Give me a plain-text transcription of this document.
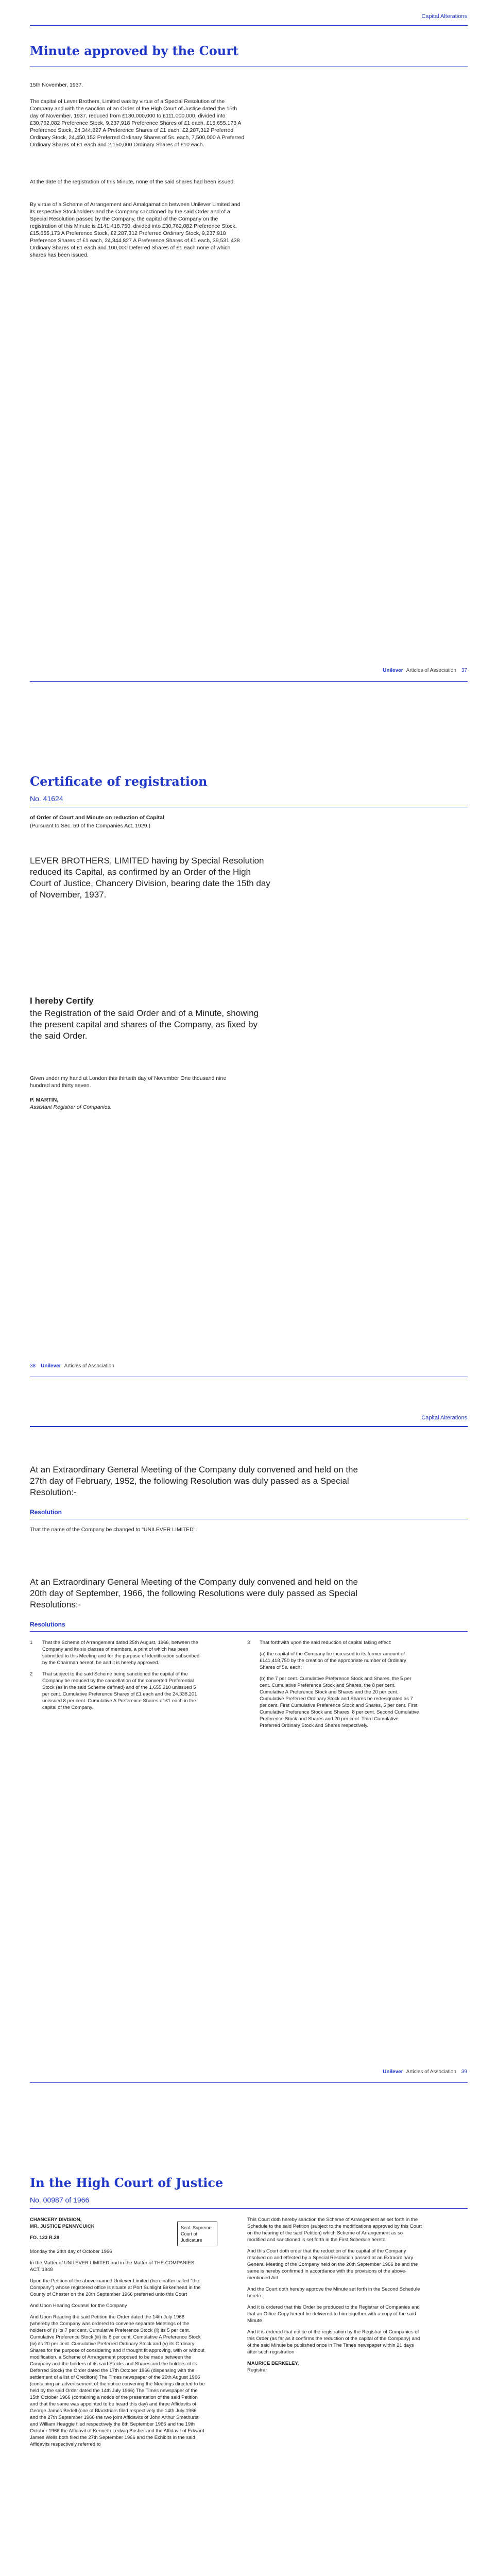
Capital Alterations
Minute approved by the Court
15th November, 1937.
The capital of Lever Brothers, Limited was by virtue of a Special Resolution of the Company and with the sanction of an Order of the High Court of Justice dated the 15th day of November, 1937, reduced from £130,000,000 to £111,000,000, divided into £30,762,082 Preference Stock, 9,237,918 Preference Shares of £1 each, £15,655,173 A Preference Stock, 24,344,827 A Preference Shares of £1 each, £2,287,312 Preferred Ordinary Stock, 24,450,152 Preferred Ordinary Shares of 5s. each, 7,500,000 A Preferred Ordinary Shares of £1 each and 2,150,000 Ordinary Shares of £10 each.
At the date of the registration of this Minute, none of the said shares had been issued.
By virtue of a Scheme of Arrangement and Amalgamation between Unilever Limited and its respective Stockholders and the Company sanctioned by the said Order and of a Special Resolution passed by the Company, the capital of the Company on the registration of this Minute is £141,418,750, divided into £30,762,082 Preference Stock, £15,655,173 A Preference Stock, £2,287,312 Preferred Ordinary Stock, 9,237,918 Preference Shares of £1 each, 24,344,827 A Preference Shares of £1 each, 39,531,438 Ordinary Shares of £1 each and 100,000 Deferred Shares of £1 each none of which shares has been issued.
Unilever Articles of Association 37
Certificate of registration
No. 41624
of Order of Court and Minute on reduction of Capital
(Pursuant to Sec. 59 of the Companies Act, 1929.)
LEVER BROTHERS, LIMITED having by Special Resolution reduced its Capital, as confirmed by an Order of the High Court of Justice, Chancery Division, bearing date the 15th day of November, 1937.
I hereby Certify
the Registration of the said Order and of a Minute, showing the present capital and shares of the Company, as fixed by the said Order.
Given under my hand at London this thirtieth day of November One thousand nine hundred and thirty seven.
P. MARTIN,
Assistant Registrar of Companies.
38 Unilever Articles of Association
Capital Alterations
At an Extraordinary General Meeting of the Company duly convened and held on the 27th day of February, 1952, the following Resolution was duly passed as a Special Resolution:-
Resolution
That the name of the Company be changed to "UNILEVER LIMITED".
At an Extraordinary General Meeting of the Company duly convened and held on the 20th day of September, 1966, the following Resolutions were duly passed as Special Resolutions:-
Resolutions

1 That the Scheme of Arrangement dated 25th August, 1966, between the Company and its six classes of members, a print of which has been submitted to this Meeting and for the purpose of identification subscribed by the Chairman hereof, be and it is hereby approved.

2 That subject to the said Scheme being sanctioned the capital of the Company be reduced by the cancellation of the converted Preferential Stock (as in the said Scheme defined) and of the 1,655,210 unissued 5 per cent. Cumulative Preference Shares of £1 each and the 24,338,201 unissued 8 per cent. Cumulative A Preference Shares of £1 each in the capital of the Company.

3 That forthwith upon the said reduction of capital taking effect:

(a) the capital of the Company be increased to its former amount of £141,418,750 by the creation of the appropriate number of Ordinary Shares of 5s. each;

(b) the 7 per cent. Cumulative Preference Stock and Shares, the 5 per cent. Cumulative Preference Stock and Shares, the 8 per cent. Cumulative A Preference Stock and Shares and the 20 per cent. Cumulative Preferred Ordinary Stock and Shares be redesignated as 7 per cent. First Cumulative Preference Stock and Shares, 5 per cent. First Cumulative Preference Stock and Shares, 8 per cent. Second Cumulative Preference Stock and Shares and 20 per cent. Third Cumulative Preferred Ordinary Stock and Shares respectively.

Unilever Articles of Association 39
In the High Court of Justice
No. 00987 of 1966

CHANCERY DIVISION,

MR. JUSTICE PENNYCUICK

FO. 123 R.28

Monday the 24th day of October 1966

In the Matter of UNILEVER LIMITED and in the Matter of THE COMPANIES ACT, 1948

Upon the Petition of the above-named Unilever Limited (hereinafter called "the Company") whose registered office is situate at Port Sunlight Birkenhead in the County of Chester on the 20th September 1966 preferred unto this Court

And Upon Hearing Counsel for the Company

And Upon Reading the said Petition the Order dated the 14th July 1966 (whereby the Company was ordered to convene separate Meetings of the holders of (i) its 7 per cent. Cumulative Preference Stock (ii) its 5 per cent. Cumulative Preference Stock (iii) its 8 per cent. Cumulative A Preference Stock (iv) its 20 per cent. Cumulative Preferred Ordinary Stock and (v) its Ordinary Shares for the purpose of considering and if thought fit approving, with or without modification, a Scheme of Arrangement proposed to be made between the Company and the holders of its said Stocks and Shares and the holders of its Deferred Stock) the Order dated the 17th October 1966 (dispensing with the settlement of a list of Creditors) The Times newspaper of the 26th August 1966 (containing an advertisement of the notice convening the Meetings directed to be held by the said Order dated the 14th July 1966) The Times newspaper of the 15th October 1966 (containing a notice of the presentation of the said Petition and that the same was appointed to be heard this day) and three Affidavits of George James Bedell (one of Blackfriars filed respectively the 14th July 1966 and the 27th September 1966 the two joint Affidavits of John Arthur Smethurst and William Heaggie filed respectively the 8th September 1966 and the 19th October 1966 the Affidavit of Kenneth Ledwig Bosher and the Affidavit of Edward James Wells both filed the 27th September 1966 and the Exhibits in the said Affidavits respectively referred to

Seal: Supreme Court of Judicature

This Court doth hereby sanction the Scheme of Arrangement as set forth in the Schedule to the said Petition (subject to the modifications approved by this Court on the hearing of the said Petition) which Scheme of Arrangement as so modified and sanctioned is set forth in the First Schedule hereto

And this Court doth order that the reduction of the capital of the Company resolved on and effected by a Special Resolution passed at an Extraordinary General Meeting of the Company held on the 20th September 1966 be and the same is hereby confirmed in accordance with the provisions of the above-mentioned Act

And the Court doth hereby approve the Minute set forth in the Second Schedule hereto

And it is ordered that this Order be produced to the Registrar of Companies and that an Office Copy hereof be delivered to him together with a copy of the said Minute

And it is ordered that notice of the registration by the Registrar of Companies of this Order (as far as it confirms the reduction of the capital of the Company) and of the said Minute be published once in The Times newspaper within 21 days after such registration

MAURICE BERKELEY,

Registrar
